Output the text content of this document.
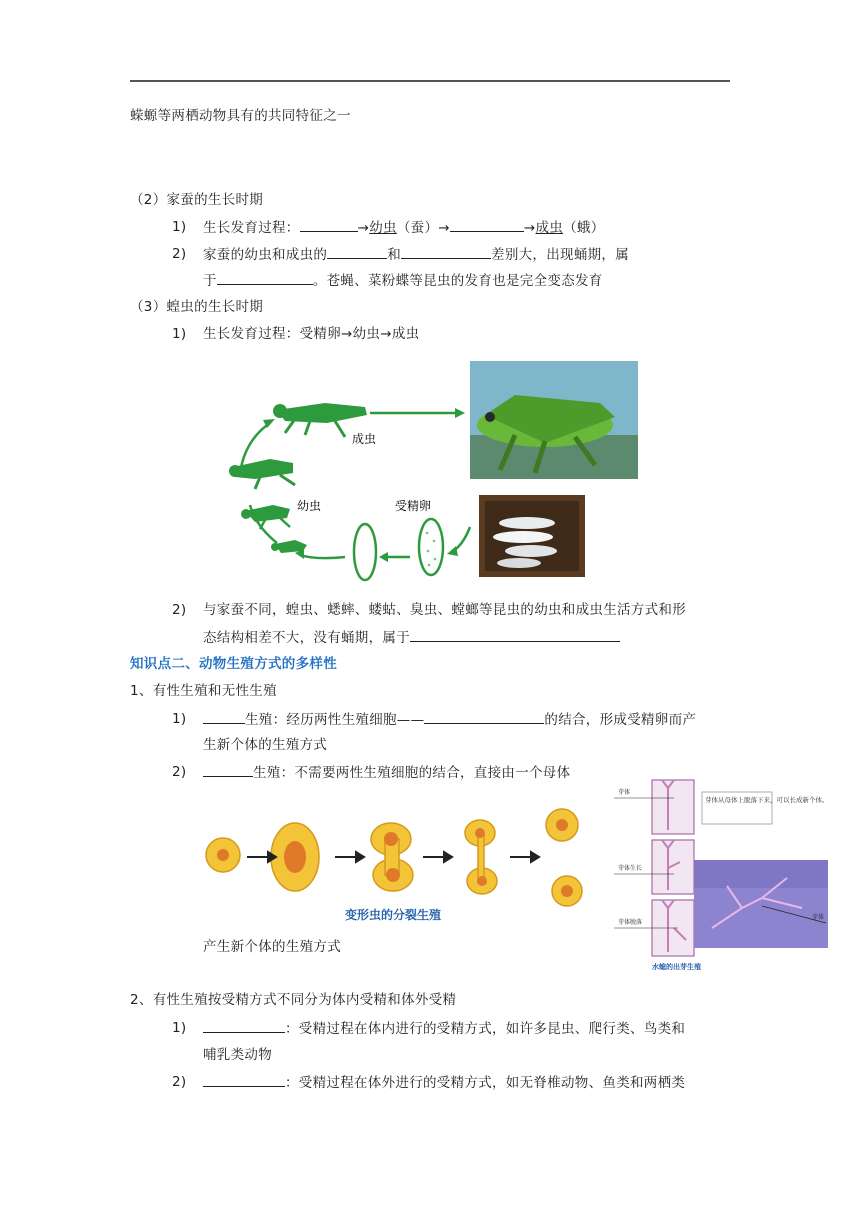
蝾螈等两栖动物具有的共同特征之一
（2）家蚕的生长时期
1) 生长发育过程：	→幼虫（蚕）→	→成虫（蛾）
2) 家蚕的幼虫和成虫的	和	差别大，出现蛹期，属
于	。苍蝇、菜粉蝶等昆虫的发育也是完全变态发育
（3）蝗虫的生长时期
1) 生长发育过程：受精卵→幼虫→成虫
成虫
幼虫	受精卵
2) 与家蚕不同，蝗虫、蟋蟀、蝼蛄、臭虫、螳螂等昆虫的幼虫和成虫生活方式和形
态结构相差不大，没有蛹期，属于
知识点二、动物生殖方式的多样性
1、有性生殖和无性生殖
1)	生殖：经历两性生殖细胞——	的结合，形成受精卵而产
生新个体的生殖方式
2)	生殖：不需要两性生殖细胞的结合，直接由一个母体
变形虫的分裂生殖
芽体从母体上脱落下来，可以长成新个体。
芽体
芽体生长
芽体脱落
芽体
水螅的出芽生殖
产生新个体的生殖方式
2、有性生殖按受精方式不同分为体内受精和体外受精
1)	：受精过程在体内进行的受精方式，如许多昆虫、爬行类、鸟类和
哺乳类动物
2)	：受精过程在体外进行的受精方式，如无脊椎动物、鱼类和两栖类
